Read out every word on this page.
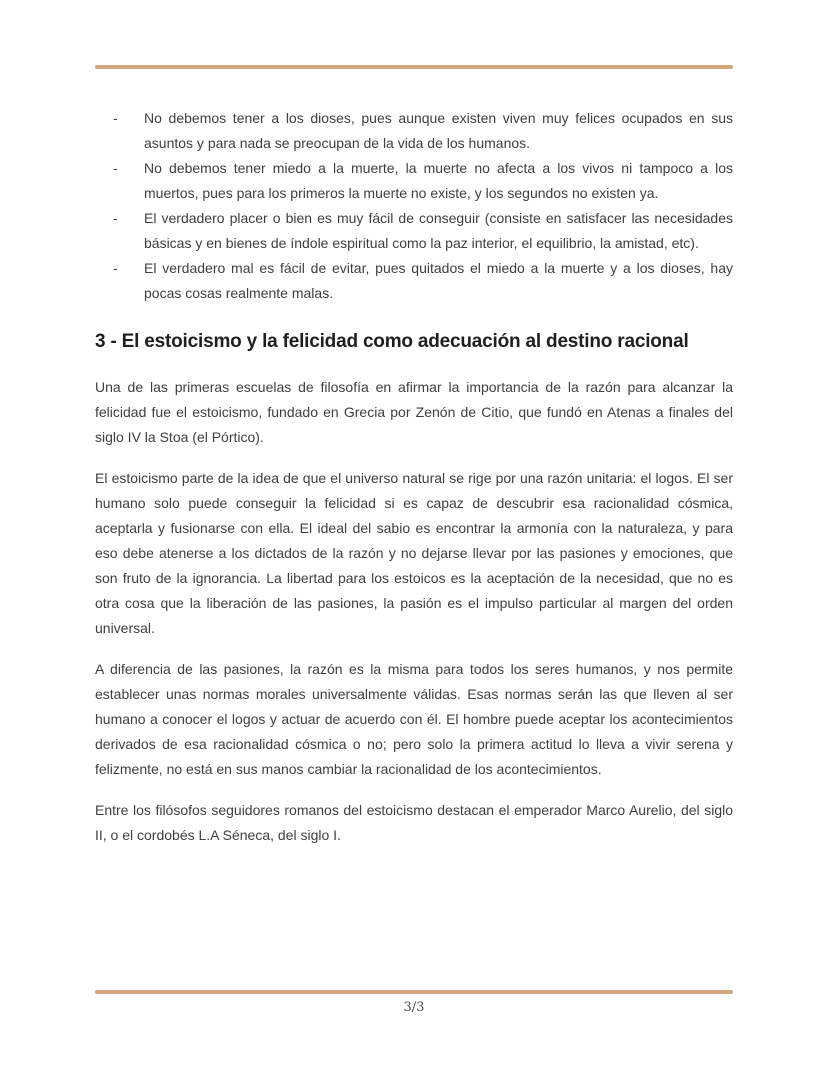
- No debemos tener a los dioses, pues aunque existen viven muy felices ocupados en sus asuntos y para nada se preocupan de la vida de los humanos.
- No debemos tener miedo a la muerte, la muerte no afecta a los vivos ni tampoco a los muertos, pues para los primeros la muerte no existe, y los segundos no existen ya.
- El verdadero placer o bien es muy fácil de conseguir (consiste en satisfacer las necesidades básicas y en bienes de índole espiritual como la paz interior, el equilibrio, la amistad, etc).
- El verdadero mal es fácil de evitar, pues quitados el miedo a la muerte y a los dioses, hay pocas cosas realmente malas.
3 - El estoicismo y la felicidad como adecuación al destino racional

Una de las primeras escuelas de filosofía en afirmar la importancia de la razón para alcanzar la felicidad fue el estoicismo, fundado en Grecia por Zenón de Citio, que fundó en Atenas a finales del siglo IV la Stoa (el Pórtico).

El estoicismo parte de la idea de que el universo natural se rige por una razón unitaria: el logos. El ser humano solo puede conseguir la felicidad si es capaz de descubrir esa racionalidad cósmica, aceptarla y fusionarse con ella. El ideal del sabio es encontrar la armonía con la naturaleza, y para eso debe atenerse a los dictados de la razón y no dejarse llevar por las pasiones y emociones, que son fruto de la ignorancia. La libertad para los estoicos es la aceptación de la necesidad, que no es otra cosa que la liberación de las pasiones, la pasión es el impulso particular al margen del orden universal.

A diferencia de las pasiones, la razón es la misma para todos los seres humanos, y nos permite establecer unas normas morales universalmente válidas. Esas normas serán las que lleven al ser humano a conocer el logos y actuar de acuerdo con él. El hombre puede aceptar los acontecimientos derivados de esa racionalidad cósmica o no; pero solo la primera actitud lo lleva a vivir serena y felizmente, no está en sus manos cambiar la racionalidad de los acontecimientos.

Entre los filósofos seguidores romanos del estoicismo destacan el emperador Marco Aurelio, del siglo II, o el cordobés L.A Séneca, del siglo I.

3/3
